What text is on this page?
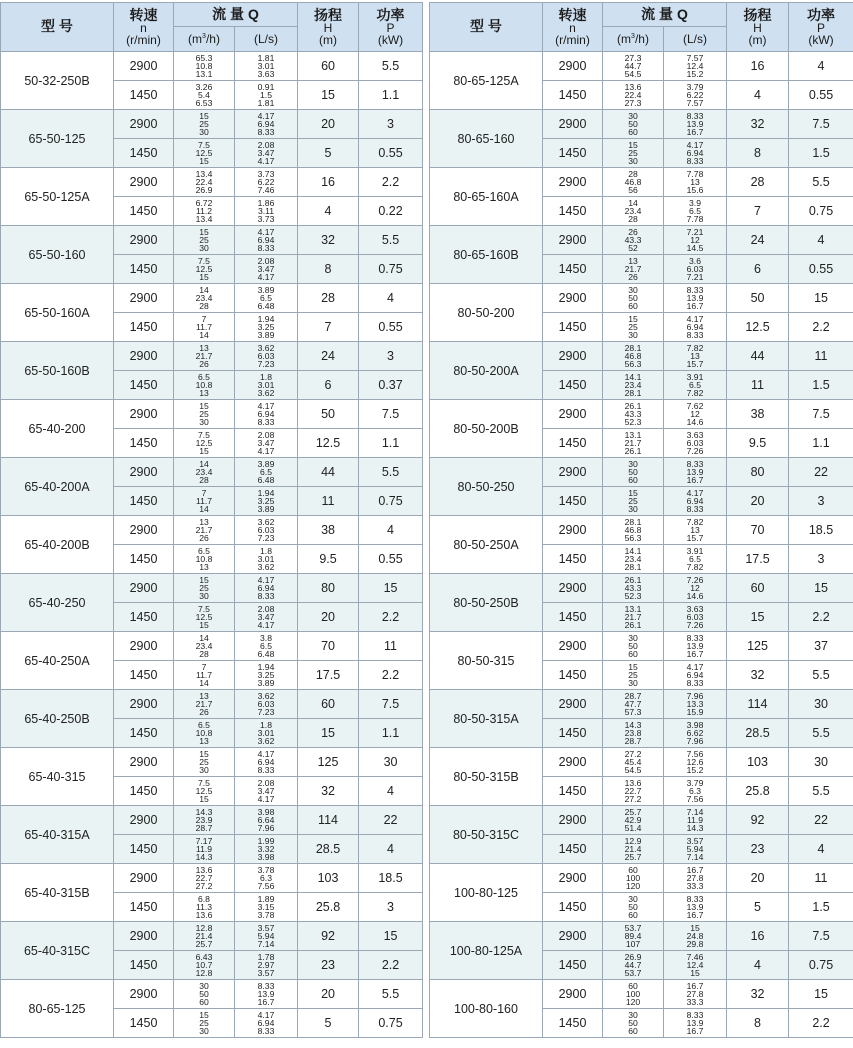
型 号	转速
n
(r/min)	流 量 Q		扬程
H
(m)	功率
P
(kW)

		$(m^3/h)$	(L/s)		
50-32-250B	2900	65.3
10.8
13.1	1.81
3.01
3.63	60	5.5
	1450	3.26
5.4
6.53	0.91
1.5
1.81	15	1.1
65-50-125	2900	15
25
30	4.17
6.94
8.33	20	3
	1450	7.5
12.5
15	2.08
3.47
4.17	5	0.55
65-50-125A	2900	13.4
22.4
26.9	3.73
6.22
7.46	16	2.2
	1450	6.72
11.2
13.4	1.86
3.11
3.73	4	0.22
65-50-160	2900	15
25
30	4.17
6.94
8.33	32	5.5
	1450	7.5
12.5
15	2.08
3.47
4.17	8	0.75
65-50-160A	2900	14
23.4
28	3.89
6.5
6.48	28	4
	1450	7
11.7
14	1.94
3.25
3.89	7	0.55
65-50-160B	2900	13
21.7
26	3.62
6.03
7.23	24	3
	1450	6.5
10.8
13	1.8
3.01
3.62	6	0.37
65-40-200	2900	15
25
30	4.17
6.94
8.33	50	7.5
	1450	7.5
12.5
15	2.08
3.47
4.17	12.5	1.1
65-40-200A	2900	14
23.4
28	3.89
6.5
6.48	44	5.5
	1450	7
11.7
14	1.94
3.25
3.89	11	0.75
65-40-200B	2900	13
21.7
26	3.62
6.03
7.23	38	4
	1450	6.5
10.8
13	1.8
3.01
3.62	9.5	0.55
65-40-250	2900	15
25
30	4.17
6.94
8.33	80	15
	1450	7.5
12.5
15	2.08
3.47
4.17	20	2.2
65-40-250A	2900	14
23.4
28	3.8
6.5
6.48	70	11
	1450	7
11.7
14	1.94
3.25
3.89	17.5	2.2
65-40-250B	2900	13
21.7
26	3.62
6.03
7.23	60	7.5
	1450	6.5
10.8
13	1.8
3.01
3.62	15	1.1
65-40-315	2900	15
25
30	4.17
6.94
8.33	125	30
	1450	7.5
12.5
15	2.08
3.47
4.17	32	4
65-40-315A	2900	14.3
23.9
28.7	3.98
6.64
7.96	114	22
	1450	7.17
11.9
14.3	1.99
3.32
3.98	28.5	4
65-40-315B	2900	13.6
22.7
27.2	3.78
6.3
7.56	103	18.5
	1450	6.8
11.3
13.6	1.89
3.15
3.78	25.8	3
65-40-315C	2900	12.8
21.4
25.7	3.57
5.94
7.14	92	15
	1450	6.43
10.7
12.8	1.78
2.97
3.57	23	2.2
80-65-125	2900	30
50
60	8.33
13.9
16.7	20	5.5
	1450	15
25
30	4.17
6.94
8.33	5	0.75
型 号	转速
n
(r/min)	流 量 Q		扬程
H
(m)	功率
P
(kW)

		$(m^3/h)$	(L/s)		
80-65-125A	2900	27.3
44.7
54.5	7.57
12.4
15.2	16	4
	1450	13.6
22.4
27.3	3.79
6.22
7.57	4	0.55
80-65-160	2900	30
50
60	8.33
13.9
16.7	32	7.5
	1450	15
25
30	4.17
6.94
8.33	8	1.5
80-65-160A	2900	28
46.8
56	7.78
13
15.6	28	5.5
	1450	14
23.4
28	3.9
6.5
7.78	7	0.75
80-65-160B	2900	26
43.3
52	7.21
12
14.5	24	4
	1450	13
21.7
26	3.6
6.03
7.21	6	0.55
80-50-200	2900	30
50
60	8.33
13.9
16.7	50	15
	1450	15
25
30	4.17
6.94
8.33	12.5	2.2
80-50-200A	2900	28.1
46.8
56.3	7.82
13
15.7	44	11
	1450	14.1
23.4
28.1	3.91
6.5
7.82	11	1.5
80-50-200B	2900	26.1
43.3
52.3	7.62
12
14.6	38	7.5
	1450	13.1
21.7
26.1	3.63
6.03
7.26	9.5	1.1
80-50-250	2900	30
50
60	8.33
13.9
16.7	80	22
	1450	15
25
30	4.17
6.94
8.33	20	3
80-50-250A	2900	28.1
46.8
56.3	7.82
13
15.7	70	18.5
	1450	14.1
23.4
28.1	3.91
6.5
7.82	17.5	3
80-50-250B	2900	26.1
43.3
52.3	7.26
12
14.6	60	15
	1450	13.1
21.7
26.1	3.63
6.03
7.26	15	2.2
80-50-315	2900	30
50
60	8.33
13.9
16.7	125	37
	1450	15
25
30	4.17
6.94
8.33	32	5.5
80-50-315A	2900	28.7
47.7
57.3	7.96
13.3
15.9	114	30
	1450	14.3
23.8
28.7	3.98
6.62
7.96	28.5	5.5
80-50-315B	2900	27.2
45.4
54.5	7.56
12.6
15.2	103	30
	1450	13.6
22.7
27.2	3.79
6.3
7.56	25.8	5.5
80-50-315C	2900	25.7
42.9
51.4	7.14
11.9
14.3	92	22
	1450	12.9
21.4
25.7	3.57
5.94
7.14	23	4
100-80-125	2900	60
100
120	16.7
27.8
33.3	20	11
	1450	30
50
60	8.33
13.9
16.7	5	1.5
100-80-125A	2900	53.7
89.4
107	15
24.8
29.8	16	7.5
	1450	26.9
44.7
53.7	7.46
12.4
15	4	0.75
100-80-160	2900	60
100
120	16.7
27.8
33.3	32	15
	1450	30
50
60	8.33
13.9
16.7	8	2.2
